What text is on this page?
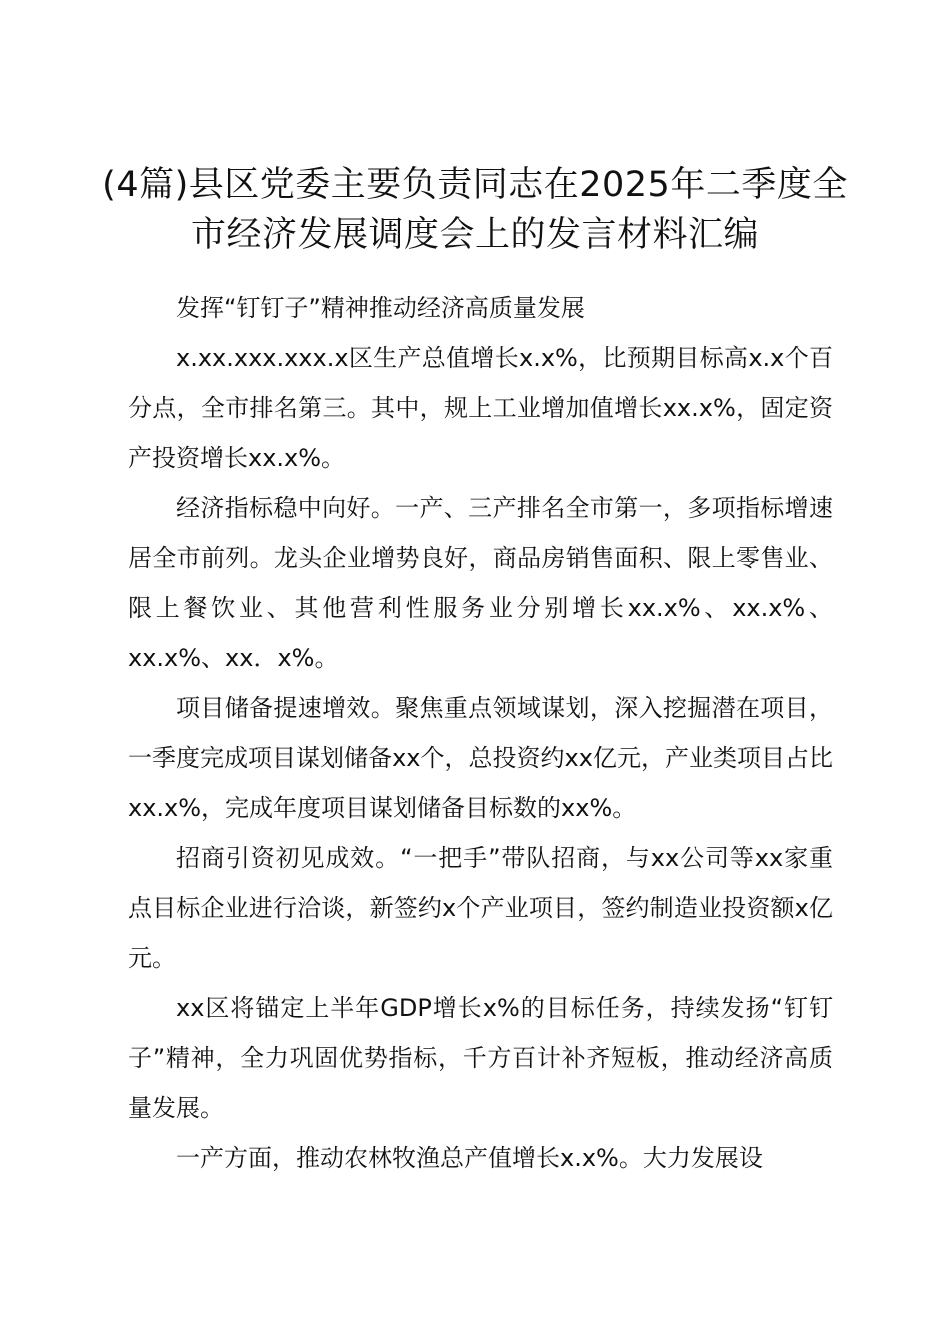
(4篇)县区党委主要负责同志在2025年二季度全市经济发展调度会上的发言材料汇编

发挥“钉钉子”精神推动经济高质量发展

x.xx.xxx.xxx.x区生产总值增长x.x%，比预期目标高x.x个百分点，全市排名第三。其中，规上工业增加值增长xx.x%，固定资产投资增长xx.x%。

经济指标稳中向好。一产、三产排名全市第一，多项指标增速居全市前列。龙头企业增势良好，商品房销售面积、限上零售业、限上餐饮业、其他营利性服务业分别增长xx.x%、xx.x%、xx.x%、xx．x%。

项目储备提速增效。聚焦重点领域谋划，深入挖掘潜在项目，一季度完成项目谋划储备xx个，总投资约xx亿元，产业类项目占比xx.x%，完成年度项目谋划储备目标数的xx%。

招商引资初见成效。“一把手”带队招商，与xx公司等xx家重点目标企业进行洽谈，新签约x个产业项目，签约制造业投资额x亿元。

xx区将锚定上半年GDP增长x%的目标任务，持续发扬“钉钉子”精神，全力巩固优势指标，千方百计补齐短板，推动经济高质量发展。

一产方面，推动农林牧渔总产值增长x.x%。大力发展设
